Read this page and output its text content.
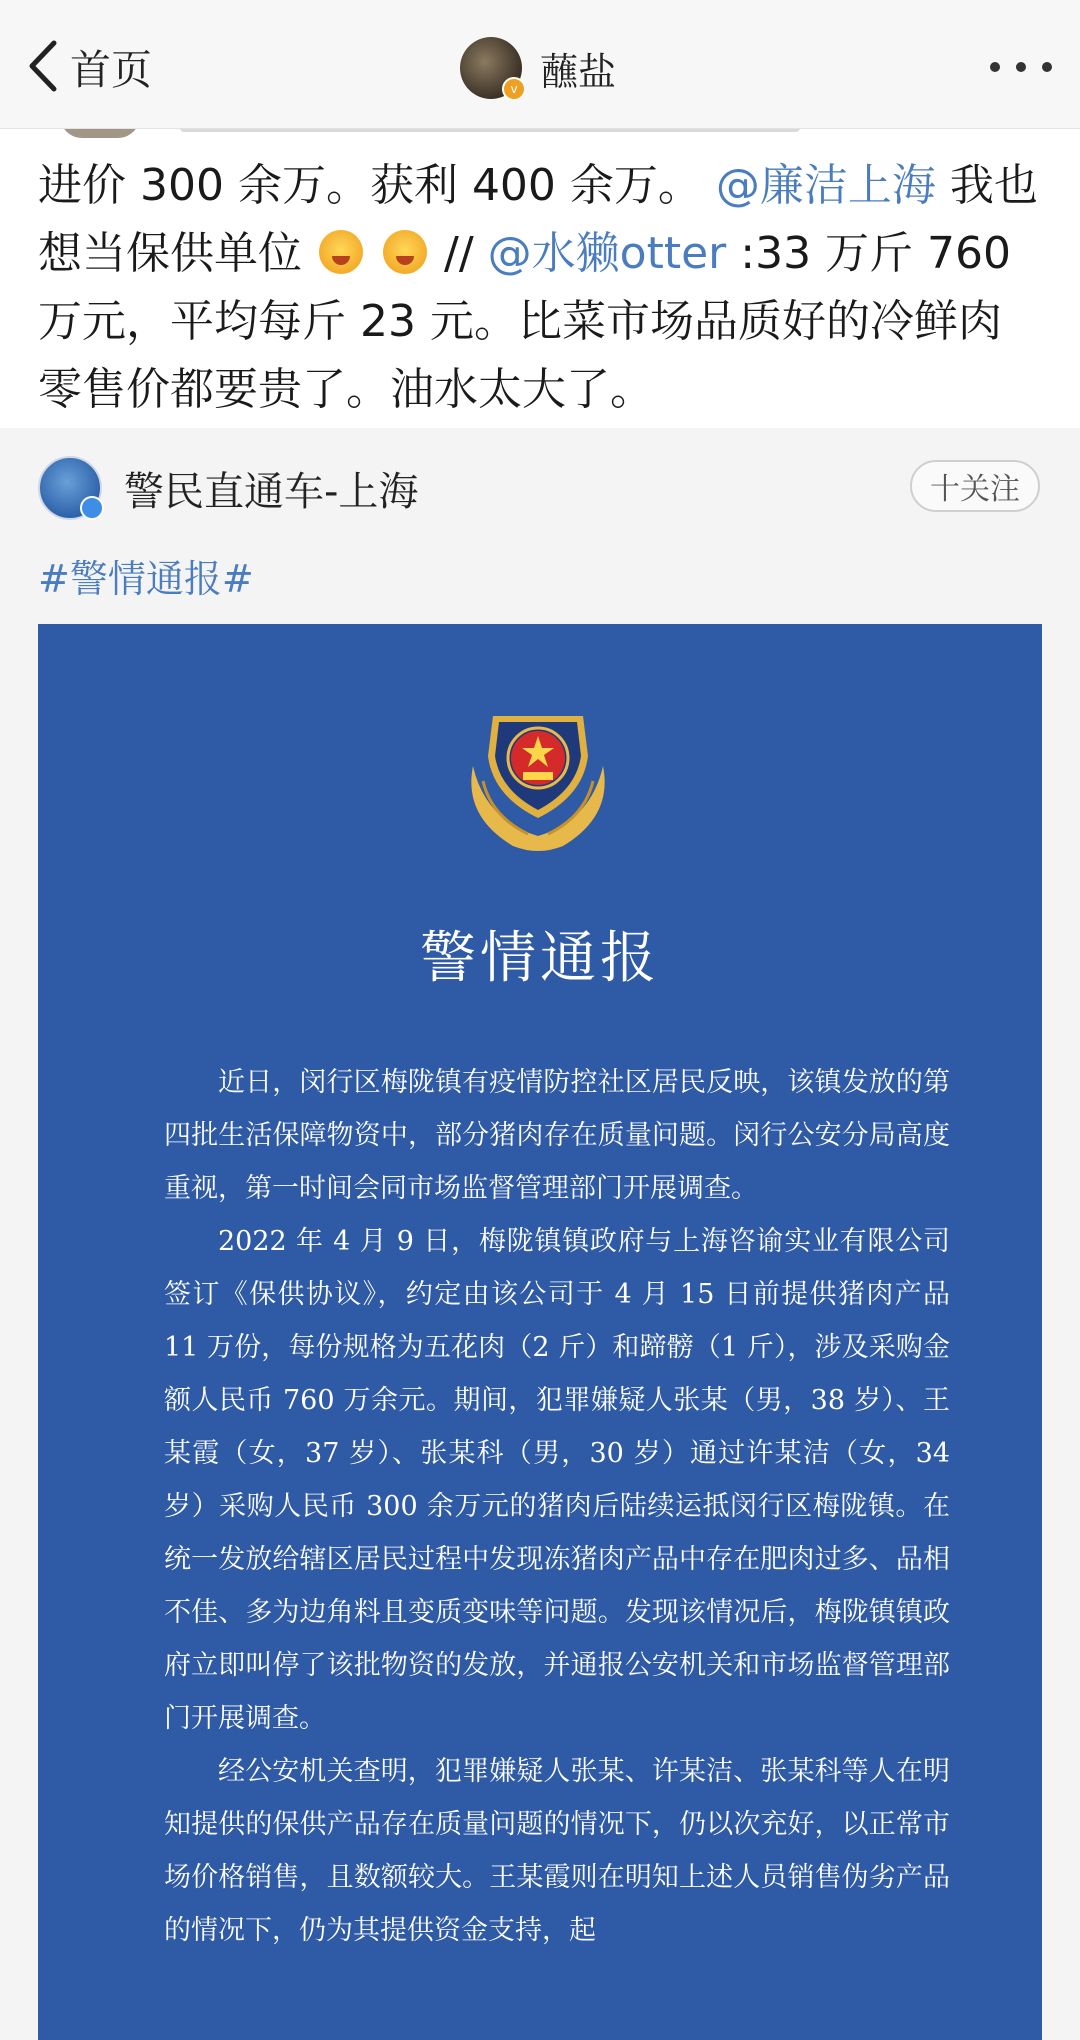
首页	v 蘸盐
进价 300 余万。获利 400 余万。 @廉洁上海 我也想当保供单位	// @水獭otter :33 万斤 760 万元，平均每斤 23 元。比菜市场品质好的冷鲜肉零售价都要贵了。油水太大了。
警民直通车-上海	十关注
#警情通报#
警情通报

近日，闵行区梅陇镇有疫情防控社区居民反映，该镇发放的第四批生活保障物资中，部分猪肉存在质量问题。闵行公安分局高度重视，第一时间会同市场监督管理部门开展调查。

2022 年 4 月 9 日，梅陇镇镇政府与上海咨谕实业有限公司签订《保供协议》，约定由该公司于 4 月 15 日前提供猪肉产品 11 万份，每份规格为五花肉（2 斤）和蹄髈（1 斤），涉及采购金额人民币 760 万余元。期间，犯罪嫌疑人张某（男，38 岁）、王某霞（女，37 岁）、张某科（男，30 岁）通过许某洁（女，34 岁）采购人民币 300 余万元的猪肉后陆续运抵闵行区梅陇镇。在统一发放给辖区居民过程中发现冻猪肉产品中存在肥肉过多、品相不佳、多为边角料且变质变味等问题。发现该情况后，梅陇镇镇政府立即叫停了该批物资的发放，并通报公安机关和市场监督管理部门开展调查。

经公安机关查明，犯罪嫌疑人张某、许某洁、张某科等人在明知提供的保供产品存在质量问题的情况下，仍以次充好，以正常市场价格销售，且数额较大。王某霞则在明知上述人员销售伪劣产品的情况下，仍为其提供资金支持，起
